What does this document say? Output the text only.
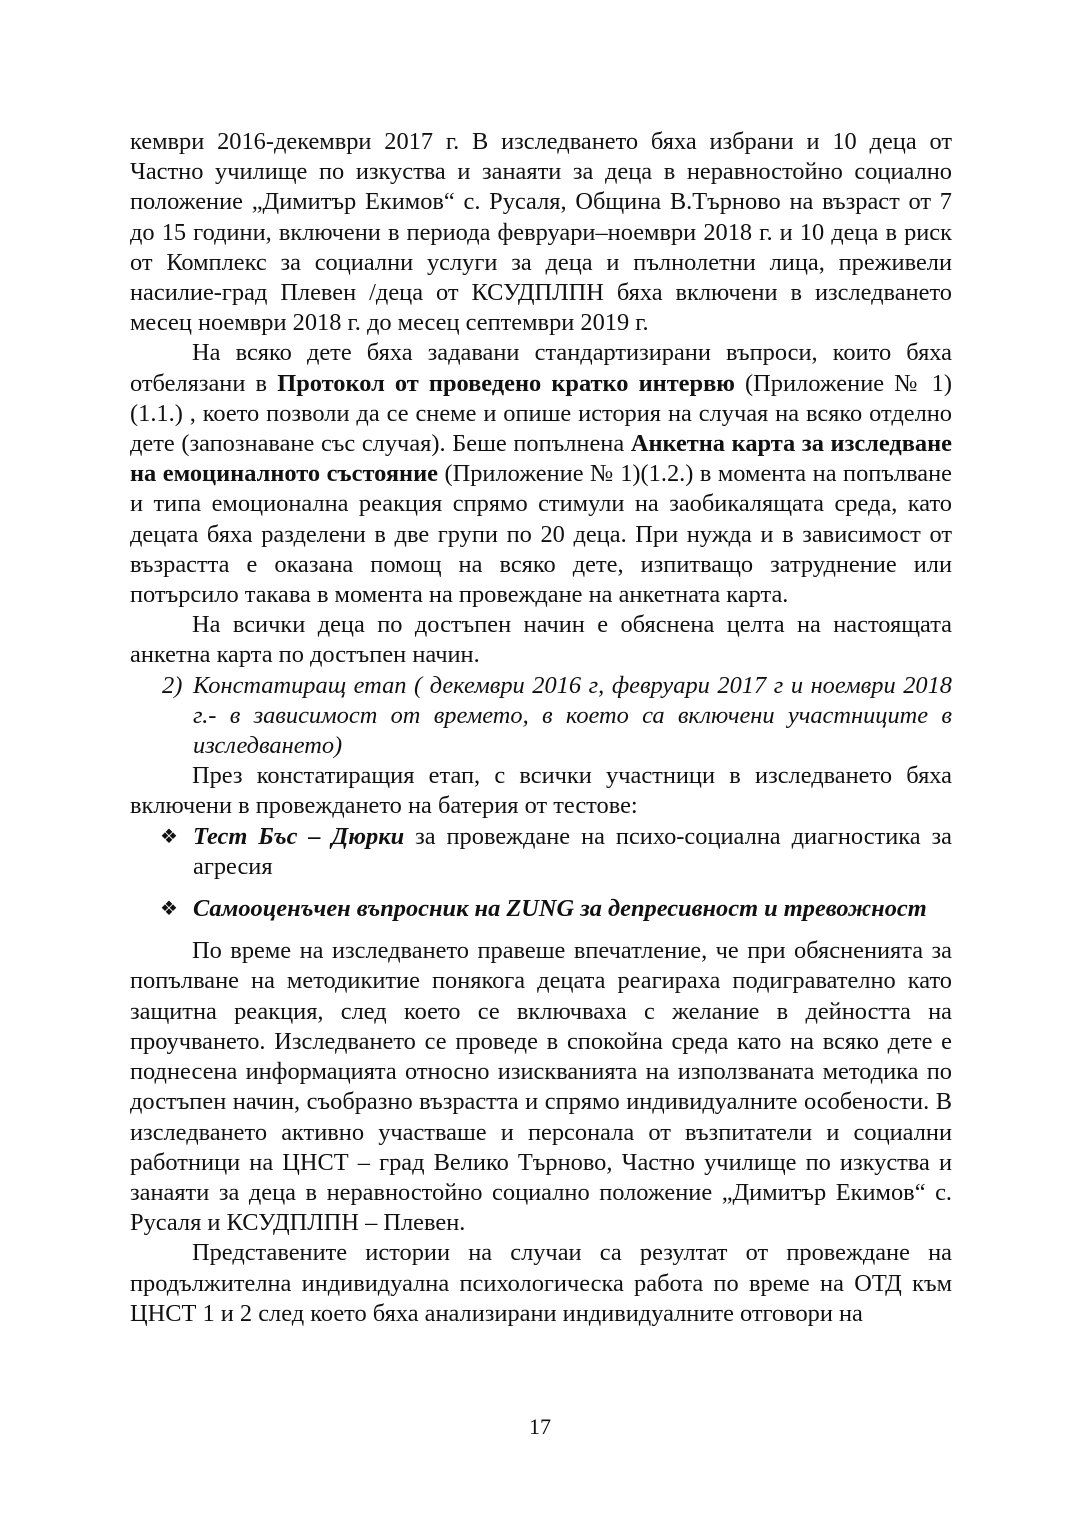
кември 2016-декември 2017 г. В изследването бяха избрани и 10 деца от Частно училище по изкуства и занаяти за деца в неравностойно социално положение „Димитър Екимов“ с. Русаля, Община В.Търново на възраст от 7 до 15 години, включени в периода февруари–ноември 2018 г. и 10 деца в риск от Комплекс за социални услуги за деца и пълнолетни лица, преживели насилие-град Плевен /деца от КСУДПЛПН бяха включени в изследването месец ноември 2018 г. до месец септември 2019 г.

На всяко дете бяха задавани стандартизирани въпроси, които бяха отбелязани в Протокол от проведено кратко интервю (Приложение № 1)(1.1.) , което позволи да се снеме и опише история на случая на всяко отделно дете (запознаване със случая). Беше попълнена Анкетна карта за изследване на емоциналното състояние (Приложение № 1)(1.2.) в момента на попълване и типа емоционална реакция спрямо стимули на заобикалящата среда, като децата бяха разделени в две групи по 20 деца. При нужда и в зависимост от възрастта е оказана помощ на всяко дете, изпитващо затруднение или потърсило такава в момента на провеждане на анкетната карта.

На всички деца по достъпен начин е обяснена целта на настоящата анкетна карта по достъпен начин.

2) Констатиращ етап ( декември 2016 г, февруари 2017 г и ноември 2018 г.- в зависимост от времето, в което са включени участниците в изследването)

През констатиращия етап, с всички участници в изследването бяха включени в провеждането на батерия от тестове:

❖ Тест Бъс – Дюрки за провеждане на психо-социална диагностика за агресия

❖ Самооценъчен въпросник на ZUNG за депресивност и тревожност

По време на изследването правеше впечатление, че при обясненията за попълване на методикитие понякога децата реагираха подигравателно като защитна реакция, след което се включваха с желание в дейността на проучването. Изследването се проведе в спокойна среда като на всяко дете е поднесена информацията относно изискванията на използваната методика по достъпен начин, съобразно възрастта и спрямо индивидуалните особености. В изследването активно участваше и персонала от възпитатели и социални работници на ЦНСТ – град Велико Търново, Частно училище по изкуства и занаяти за деца в неравностойно социално положение „Димитър Екимов“ с. Русаля и КСУДПЛПН – Плевен.

Представените истории на случаи са резултат от провеждане на продължителна индивидуална психологическа работа по време на ОТД към ЦНСТ 1 и 2 след което бяха анализирани индивидуалните отговори на

17
